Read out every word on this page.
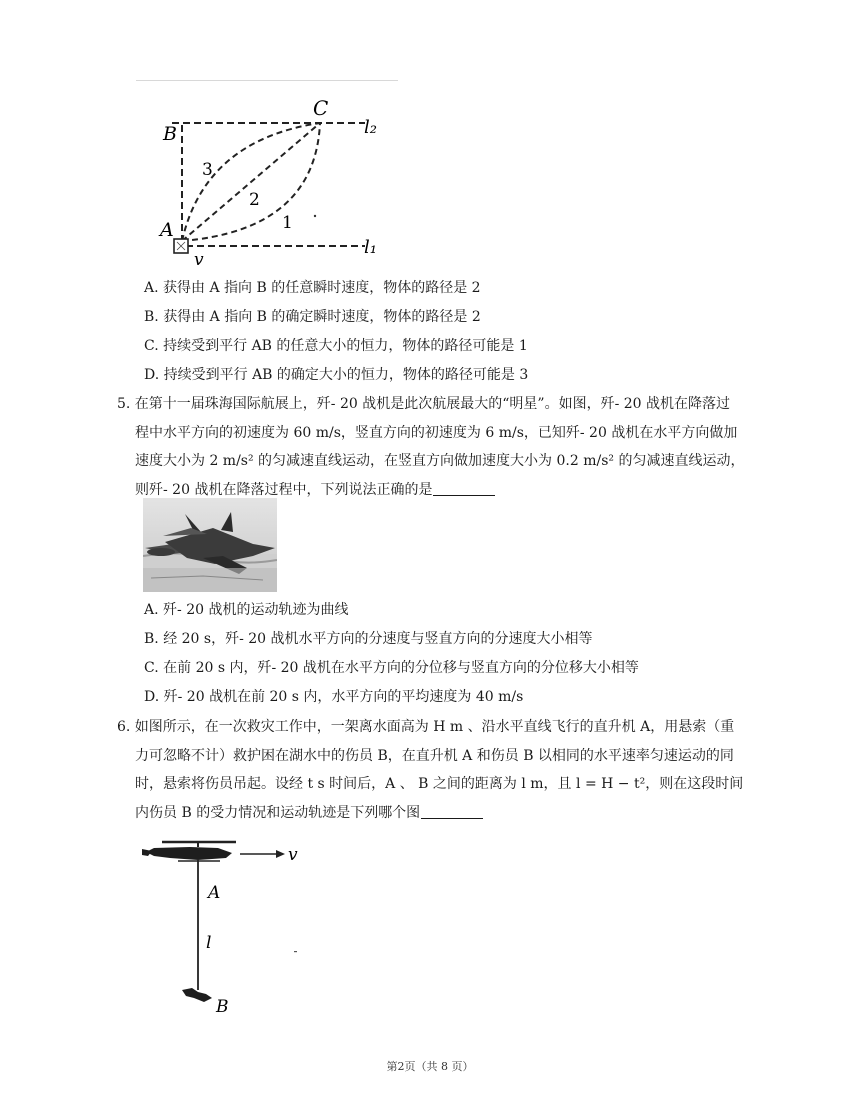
B
C
A
v
l₂
l₁
3
2
1
A. 获得由 A 指向 B 的任意瞬时速度，物体的路径是 2
B. 获得由 A 指向 B 的确定瞬时速度，物体的路径是 2
C. 持续受到平行 AB 的任意大小的恒力，物体的路径可能是 1
D. 持续受到平行 AB 的确定大小的恒力，物体的路径可能是 3
5. 在第十一届珠海国际航展上，歼- 20 战机是此次航展最大的“明星”。如图，歼- 20 战机在降落过
程中水平方向的初速度为 60 m/s，竖直方向的初速度为 6 m/s，已知歼- 20 战机在水平方向做加
速度大小为 2 m/s² 的匀减速直线运动，在竖直方向做加速度大小为 0.2 m/s² 的匀减速直线运动，
则歼- 20 战机在降落过程中，下列说法正确的是
A. 歼- 20 战机的运动轨迹为曲线
B. 经 20 s，歼- 20 战机水平方向的分速度与竖直方向的分速度大小相等
C. 在前 20 s 内，歼- 20 战机在水平方向的分位移与竖直方向的分位移大小相等
D. 歼- 20 战机在前 20 s 内，水平方向的平均速度为 40 m/s
6. 如图所示，在一次救灾工作中，一架离水面高为 H m 、沿水平直线飞行的直升机 A，用悬索（重
力可忽略不计）救护困在湖水中的伤员 B，在直升机 A 和伤员 B 以相同的水平速率匀速运动的同
时，悬索将伤员吊起。设经 t s 时间后，A 、 B 之间的距离为 l m，且 l = H − t²，则在这段时间
内伤员 B 的受力情况和运动轨迹是下列哪个图
v
A
l
B
第2页（共 8 页）
